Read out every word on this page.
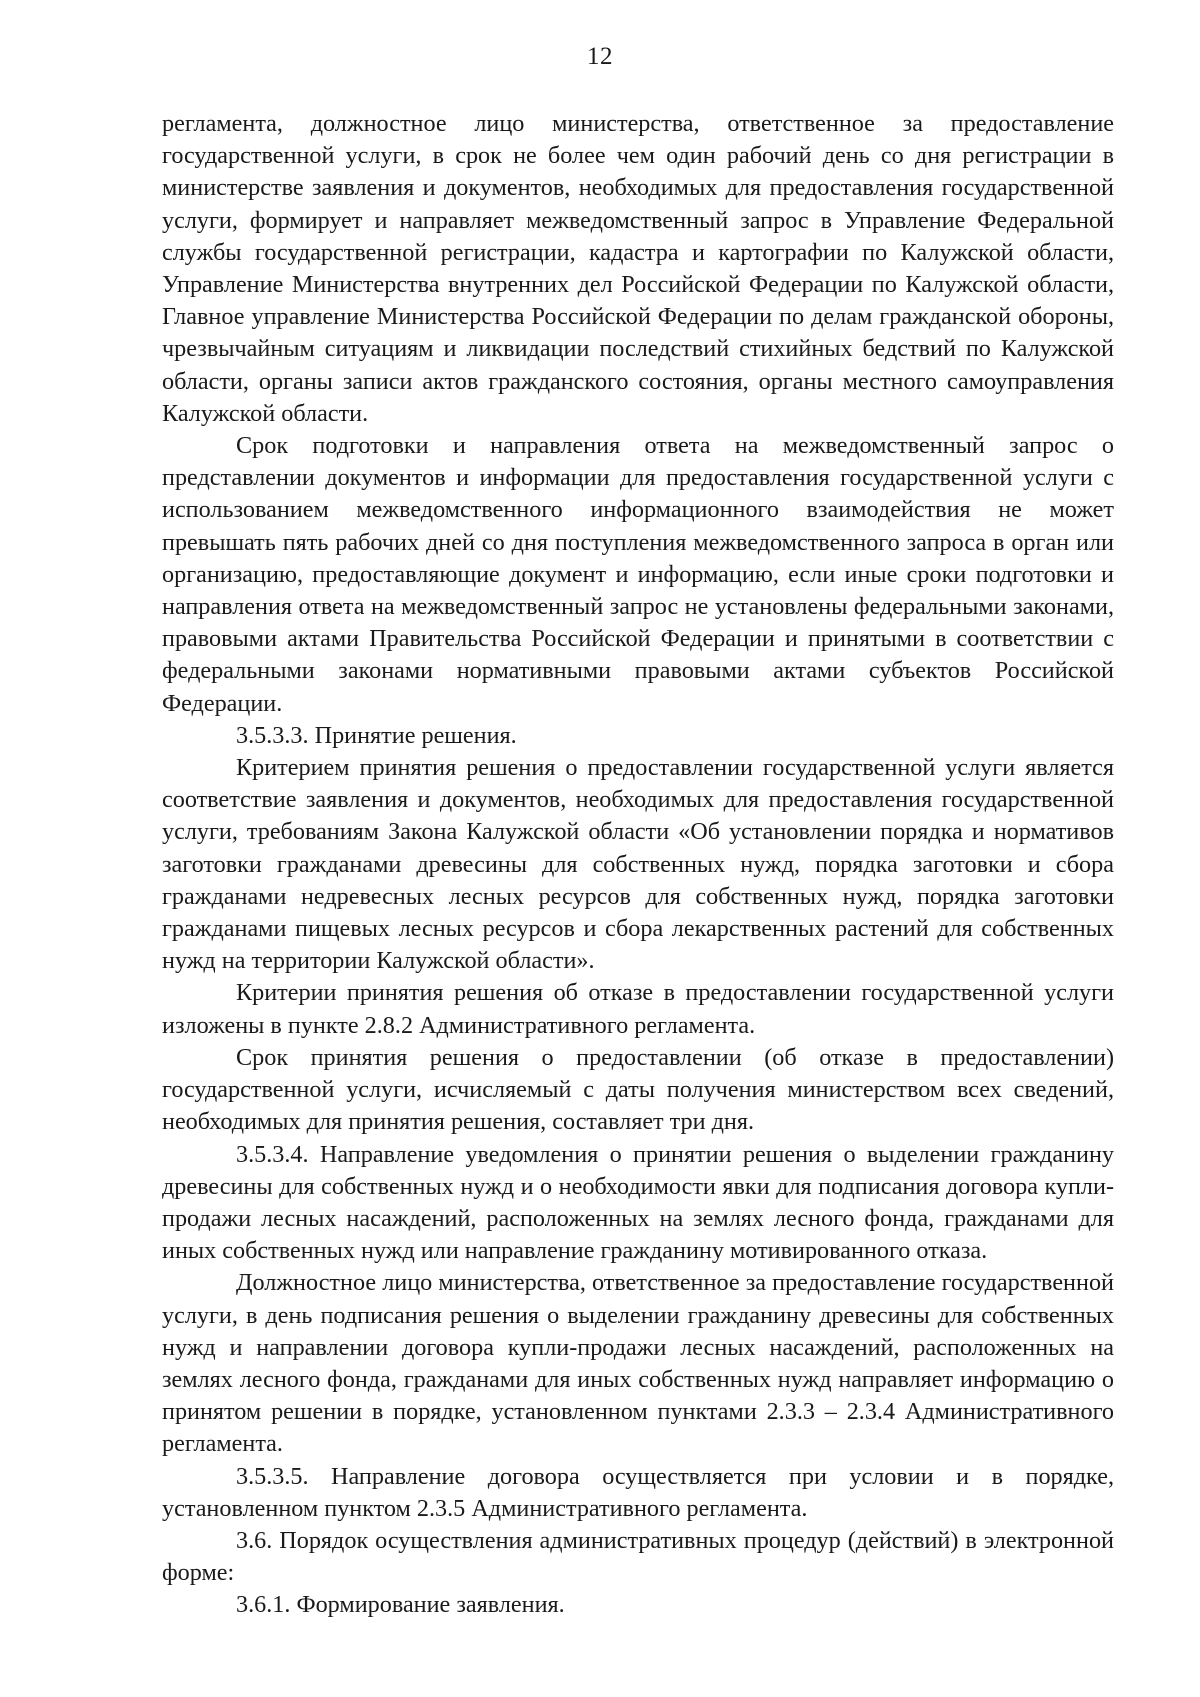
12

регламента, должностное лицо министерства, ответственное за предоставление государственной услуги, в срок не более чем один рабочий день со дня регистрации в министерстве заявления и документов, необходимых для предоставления государственной услуги, формирует и направляет межведомственный запрос в Управление Федеральной службы государственной регистрации, кадастра и картографии по Калужской области, Управление Министерства внутренних дел Российской Федерации по Калужской области, Главное управление Министерства Российской Федерации по делам гражданской обороны, чрезвычайным ситуациям и ликвидации последствий стихийных бедствий по Калужской области, органы записи актов гражданского состояния, органы местного самоуправления Калужской области.

Срок подготовки и направления ответа на межведомственный запрос о представлении документов и информации для предоставления государственной услуги с использованием межведомственного информационного взаимодействия не может превышать пять рабочих дней со дня поступления межведомственного запроса в орган или организацию, предоставляющие документ и информацию, если иные сроки подготовки и направления ответа на межведомственный запрос не установлены федеральными законами, правовыми актами Правительства Российской Федерации и принятыми в соответствии с федеральными законами нормативными правовыми актами субъектов Российской Федерации.

3.5.3.3. Принятие решения.

Критерием принятия решения о предоставлении государственной услуги является соответствие заявления и документов, необходимых для предоставления государственной услуги, требованиям Закона Калужской области «Об установлении порядка и нормативов заготовки гражданами древесины для собственных нужд, порядка заготовки и сбора гражданами недревесных лесных ресурсов для собственных нужд, порядка заготовки гражданами пищевых лесных ресурсов и сбора лекарственных растений для собственных нужд на территории Калужской области».

Критерии принятия решения об отказе в предоставлении государственной услуги изложены в пункте 2.8.2 Административного регламента.

Срок принятия решения о предоставлении (об отказе в предоставлении) государственной услуги, исчисляемый с даты получения министерством всех сведений, необходимых для принятия решения, составляет три дня.

3.5.3.4. Направление уведомления о принятии решения о выделении гражданину древесины для собственных нужд и о необходимости явки для подписания договора купли-продажи лесных насаждений, расположенных на землях лесного фонда, гражданами для иных собственных нужд или направление гражданину мотивированного отказа.

Должностное лицо министерства, ответственное за предоставление государственной услуги, в день подписания решения о выделении гражданину древесины для собственных нужд и направлении договора купли-продажи лесных насаждений, расположенных на землях лесного фонда, гражданами для иных собственных нужд направляет информацию о принятом решении в порядке, установленном пунктами 2.3.3 – 2.3.4 Административного регламента.

3.5.3.5. Направление договора осуществляется при условии и в порядке, установленном пунктом 2.3.5 Административного регламента.

3.6. Порядок осуществления административных процедур (действий) в электронной форме:

3.6.1. Формирование заявления.
